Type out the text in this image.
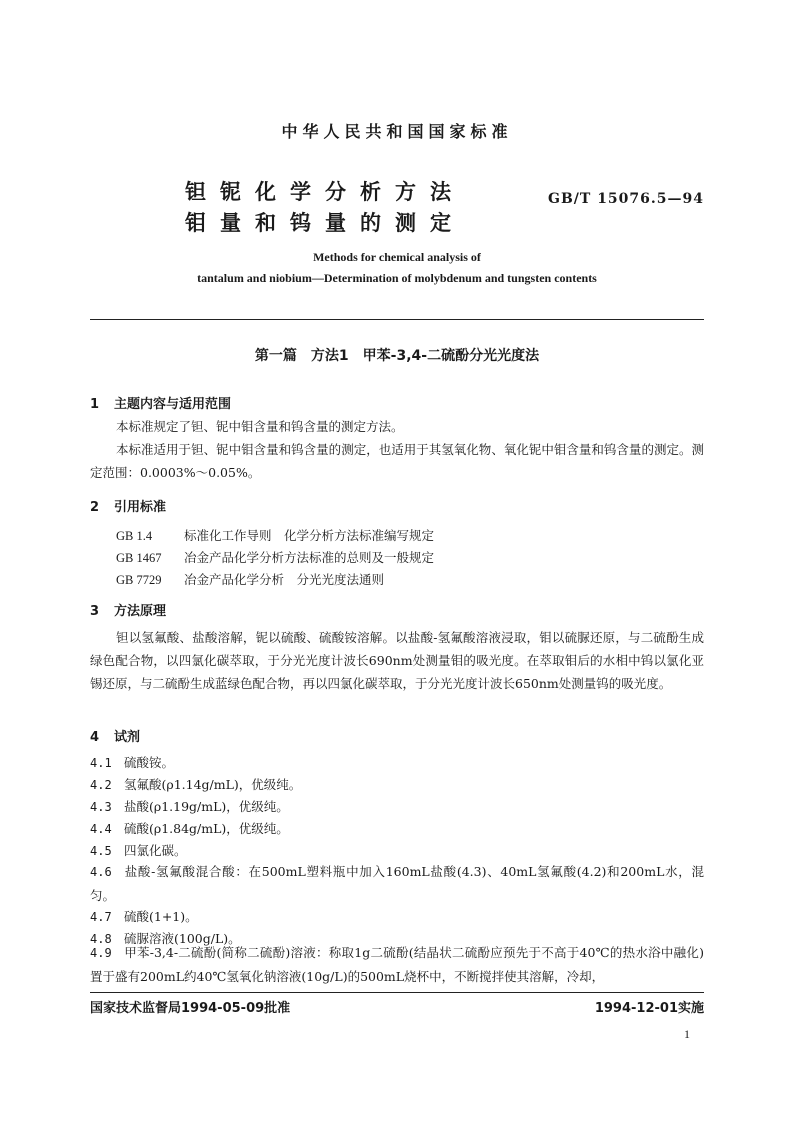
中华人民共和国国家标准
钽铌化学分析方法
钼量和钨量的测定
GB/T 15076.5—94
Methods for chemical analysis of
tantalum and niobium—Determination of molybdenum and tungsten contents
第一篇　方法1　甲苯-3,4-二硫酚分光光度法
1 主题内容与适用范围
本标准规定了钽、铌中钼含量和钨含量的测定方法。
本标准适用于钽、铌中钼含量和钨含量的测定，也适用于其氢氧化物、氧化铌中钼含量和钨含量的测定。测定范围：0.0003%～0.05%。
2 引用标准
GB 1.4	标准化工作导则　化学分析方法标准编写规定
GB 1467 冶金产品化学分析方法标准的总则及一般规定
GB 7729 冶金产品化学分析　分光光度法通则
3 方法原理
钽以氢氟酸、盐酸溶解，铌以硫酸、硫酸铵溶解。以盐酸-氢氟酸溶液浸取，钼以硫脲还原，与二硫酚生成绿色配合物，以四氯化碳萃取，于分光光度计波长690nm处测量钼的吸光度。在萃取钼后的水相中钨以氯化亚锡还原，与二硫酚生成蓝绿色配合物，再以四氯化碳萃取，于分光光度计波长650nm处测量钨的吸光度。
4 试剂
4.1 硫酸铵。
4.2 氢氟酸(ρ1.14g/mL)，优级纯。
4.3 盐酸(ρ1.19g/mL)，优级纯。
4.4 硫酸(ρ1.84g/mL)，优级纯。
4.5 四氯化碳。
4.6 盐酸-氢氟酸混合酸：在500mL塑料瓶中加入160mL盐酸(4.3)、40mL氢氟酸(4.2)和200mL水，混匀。
4.7 硫酸(1+1)。
4.8 硫脲溶液(100g/L)。
4.9 甲苯-3,4-二硫酚(简称二硫酚)溶液：称取1g二硫酚(结晶状二硫酚应预先于不高于40℃的热水浴中融化)置于盛有200mL约40℃氢氧化钠溶液(10g/L)的500mL烧杯中，不断搅拌使其溶解，冷却，
国家技术监督局1994-05-09批准	1994-12-01实施
1
